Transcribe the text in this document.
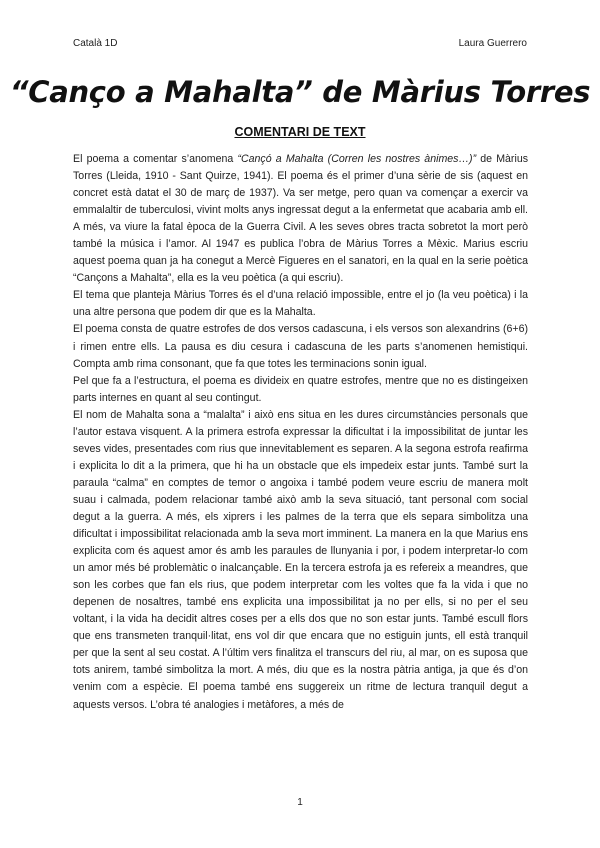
Català 1D	Laura Guerrero
“Canço a Mahalta” de Màrius Torres
COMENTARI DE TEXT

El poema a comentar s’anomena “Cançó a Mahalta (Corren les nostres ànimes…)” de Màrius Torres (Lleida, 1910 - Sant Quirze, 1941). El poema és el primer d’una sèrie de sis (aquest en concret està datat el 30 de març de 1937). Va ser metge, pero quan va començar a exercir va emmalaltir de tuberculosi, vivint molts anys ingressat degut a la enfermetat que acabaria amb ell. A més, va viure la fatal època de la Guerra Civil. A les seves obres tracta sobretot la mort però també la música i l’amor. Al 1947 es publica l’obra de Màrius Torres a Mèxic. Marius escriu aquest poema quan ja ha conegut a Mercè Figueres en el sanatori, en la qual en la serie poètica “Cançons a Mahalta”, ella es la veu poètica (a qui escriu).

El tema que planteja Màrius Torres és el d’una relació impossible, entre el jo (la veu poètica) i la una altre persona que podem dir que es la Mahalta.

El poema consta de quatre estrofes de dos versos cadascuna, i els versos son alexandrins (6+6) i rimen entre ells. La pausa es diu cesura i cadascuna de les parts s’anomenen hemistiqui. Compta amb rima consonant, que fa que totes les terminacions sonin igual.

Pel que fa a l’estructura, el poema es divideix en quatre estrofes, mentre que no es distingeixen parts internes en quant al seu contingut.

El nom de Mahalta sona a “malalta” i això ens situa en les dures circumstàncies personals que l’autor estava visquent. A la primera estrofa expressar la dificultat i la impossibilitat de juntar les seves vides, presentades com rius que innevitablement es separen. A la segona estrofa reafirma i explicita lo dit a la primera, que hi ha un obstacle que els impedeix estar junts. També surt la paraula “calma” en comptes de temor o angoixa i també podem veure escriu de manera molt suau i calmada, podem relacionar també això amb la seva situació, tant personal com social degut a la guerra. A més, els xiprers i les palmes de la terra que els separa simbolitza una dificultat i impossibilitat relacionada amb la seva mort imminent. La manera en la que Marius ens explicita com és aquest amor és amb les paraules de llunyania i por, i podem interpretar-lo com un amor més bé problemàtic o inalcançable. En la tercera estrofa ja es refereix a meandres, que son les corbes que fan els rius, que podem interpretar com les voltes que fa la vida i que no depenen de nosaltres, també ens explicita una impossibilitat ja no per ells, si no per el seu voltant, i la vida ha decidit altres coses per a ells dos que no son estar junts. També escull flors que ens transmeten tranquil·litat, ens vol dir que encara que no estiguin junts, ell està tranquil per que la sent al seu costat. A l’últim vers finalitza el transcurs del riu, al mar, on es suposa que tots anirem, també simbolitza la mort. A més, diu que es la nostra pàtria antiga, ja que és d’on venim com a espècie. El poema també ens suggereix un ritme de lectura tranquil degut a aquests versos. L’obra té analogies i metàfores, a més de

1
